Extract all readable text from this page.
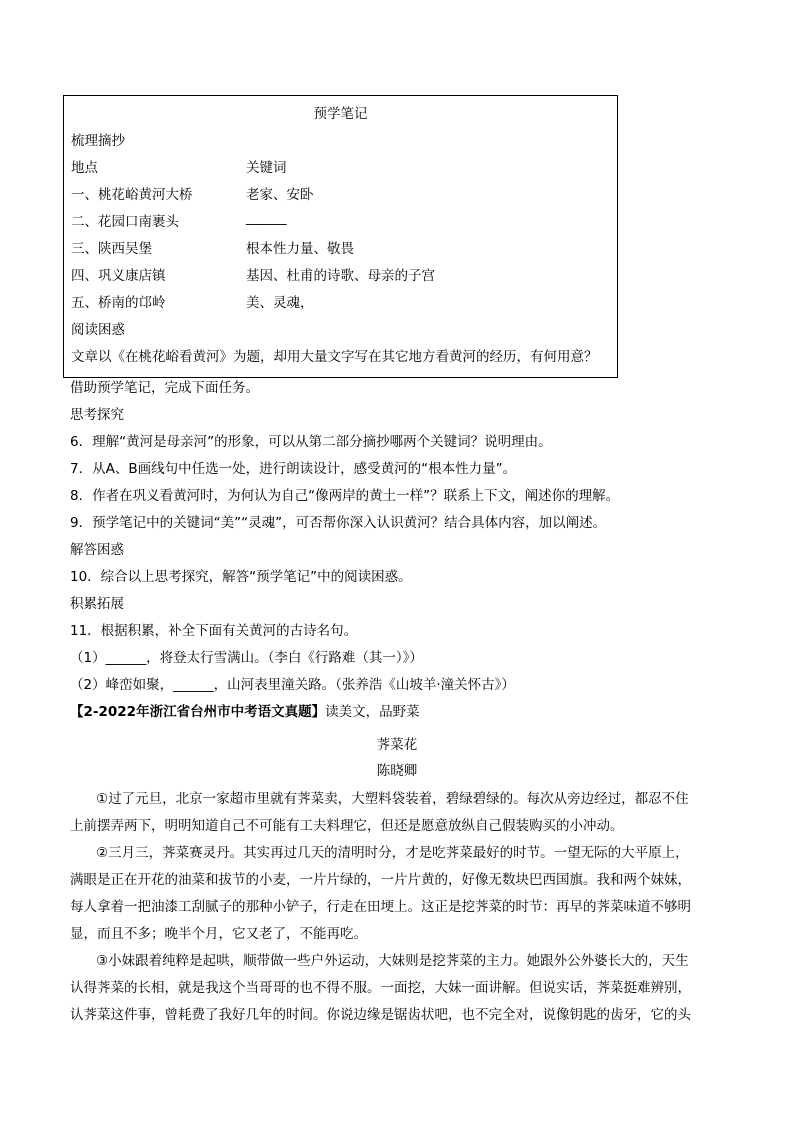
预学笔记
梳理摘抄
地点	关键词
一、桃花峪黄河大桥	老家、安卧
二、花园口南裹头	______
三、陕西吴堡	根本性力量、敬畏
四、巩义康店镇	基因、杜甫的诗歌、母亲的子宫
五、桥南的邙岭	美、灵魂，
阅读困惑
文章以《在桃花峪看黄河》为题，却用大量文字写在其它地方看黄河的经历，有何用意？
借助预学笔记，完成下面任务。
思考探究
6．理解“黄河是母亲河”的形象，可以从第二部分摘抄哪两个关键词？说明理由。
7．从A、B画线句中任选一处，进行朗读设计，感受黄河的“根本性力量”。
8．作者在巩义看黄河时，为何认为自己“像两岸的黄土一样”？联系上下文，阐述你的理解。
9．预学笔记中的关键词“美”“灵魂”，可否帮你深入认识黄河？结合具体内容，加以阐述。
解答困惑
10．综合以上思考探究，解答“预学笔记”中的阅读困惑。
积累拓展
11．根据积累，补全下面有关黄河的古诗名句。
（1）______，将登太行雪满山。（李白《行路难（其一）》）
（2）峰峦如聚，______，山河表里潼关路。（张养浩《山坡羊·潼关怀古》）
【2-2022年浙江省台州市中考语文真题】读美文，品野菜
荠菜花
陈晓卿
①过了元旦，北京一家超市里就有荠菜卖，大塑料袋装着，碧绿碧绿的。每次从旁边经过，都忍不住
上前摆弄两下，明明知道自己不可能有工夫料理它，但还是愿意放纵自己假装购买的小冲动。
②三月三，荠菜赛灵丹。其实再过几天的清明时分，才是吃荠菜最好的时节。一望无际的大平原上，
满眼是正在开花的油菜和拔节的小麦，一片片绿的，一片片黄的，好像无数块巴西国旗。我和两个妹妹，
每人拿着一把油漆工刮腻子的那种小铲子，行走在田埂上。这正是挖荠菜的时节：再早的荠菜味道不够明
显，而且不多；晚半个月，它又老了，不能再吃。
③小妹跟着纯粹是起哄，顺带做一些户外运动，大妹则是挖荠菜的主力。她跟外公外婆长大的，天生
认得荠菜的长相，就是我这个当哥哥的也不得不服。一面挖，大妹一面讲解。但说实话，荠菜挺难辨别，
认荠菜这件事，曾耗费了我好几年的时间。你说边缘是锯齿状吧，也不完全对，说像钥匙的齿牙，它的头
